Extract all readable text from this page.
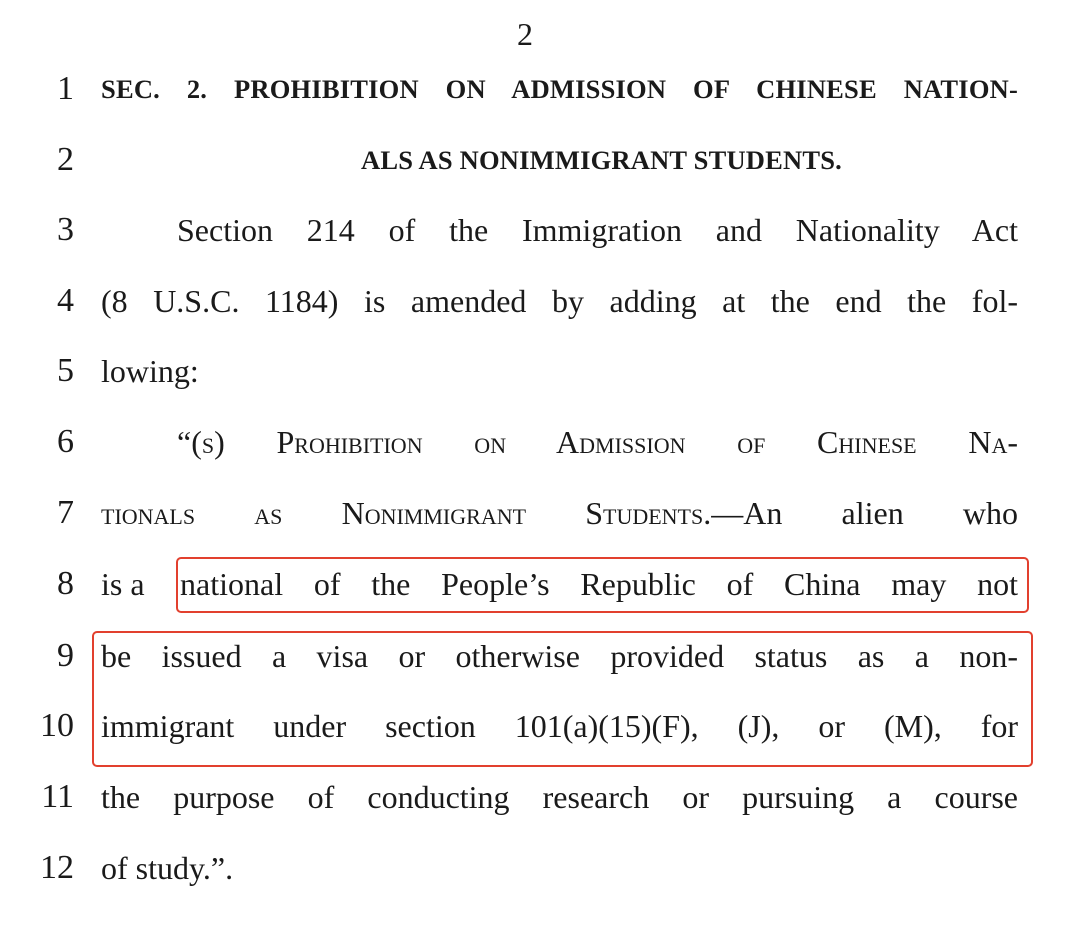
2
1 SEC. 2. PROHIBITION ON ADMISSION OF CHINESE NATION-
2	ALS AS NONIMMIGRANT STUDENTS.
3	Section 214 of the Immigration and Nationality Act
4 (8 U.S.C. 1184) is amended by adding at the end the fol-
5 lowing:
6	“(s) Prohibition on Admission of Chinese Na-
7 tionals as Nonimmigrant Students.—An alien who
8 is a	national of the People’s Republic of China may not
9 be issued a visa or otherwise provided status as a non-
10 immigrant under section 101(a)(15)(F), (J), or (M), for
11 the purpose of conducting research or pursuing a course
12 of study.”.
